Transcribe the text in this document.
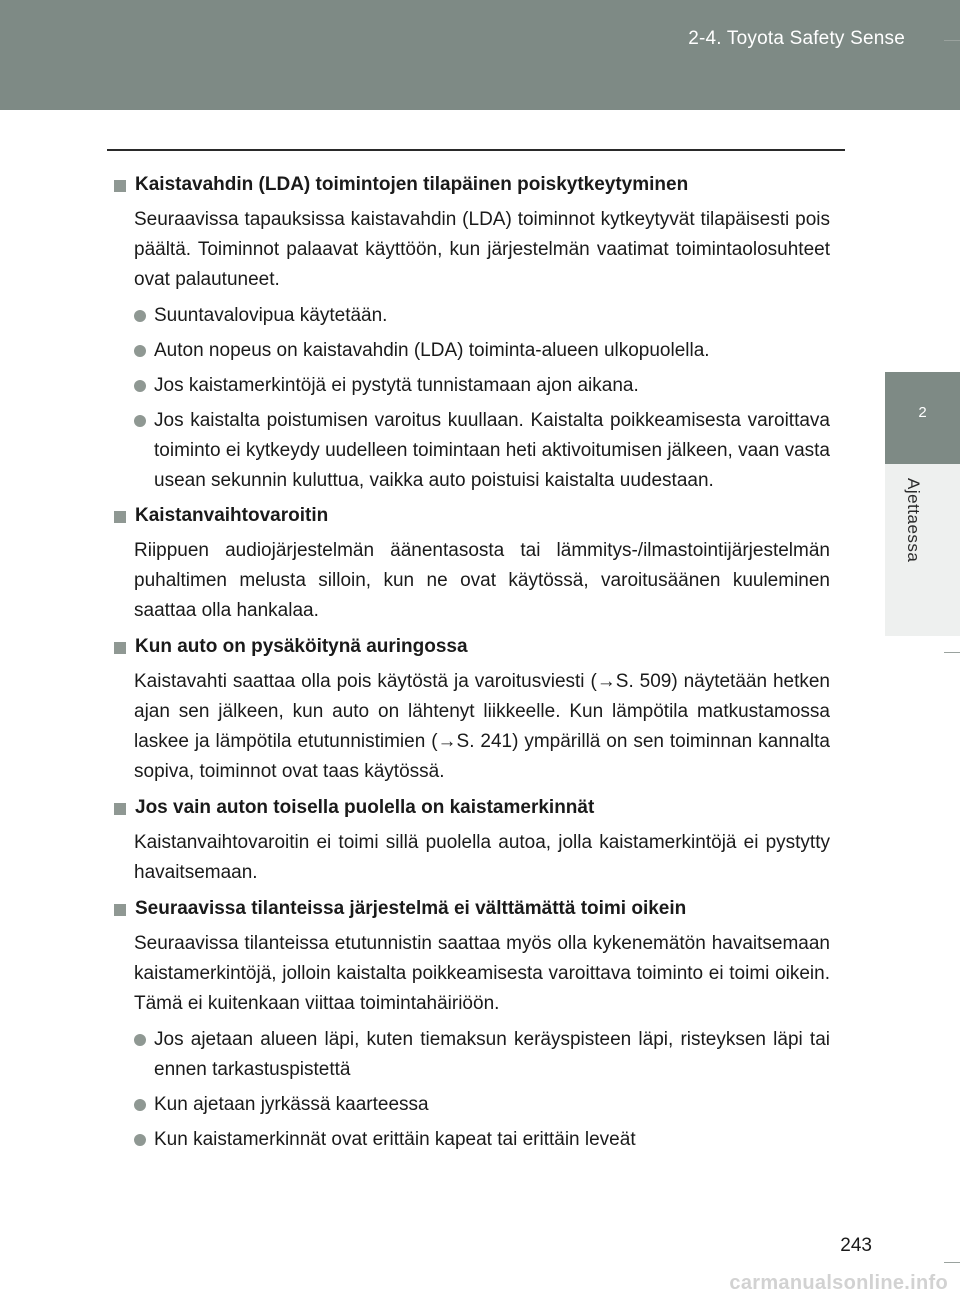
2-4. Toyota Safety Sense
2
Ajettaessa
Kaistavahdin (LDA) toimintojen tilapäinen poiskytkeytyminen
Seuraavissa tapauksissa kaistavahdin (LDA) toiminnot kytkeytyvät tilapäisesti pois päältä. Toiminnot palaavat käyttöön, kun järjestelmän vaatimat toimintaolosuhteet ovat palautuneet.
Suuntavalovipua käytetään.
Auton nopeus on kaistavahdin (LDA) toiminta-alueen ulkopuolella.
Jos kaistamerkintöjä ei pystytä tunnistamaan ajon aikana.
Jos kaistalta poistumisen varoitus kuullaan. Kaistalta poikkeamisesta varoittava toiminto ei kytkeydy uudelleen toimintaan heti aktivoitumisen jälkeen, vaan vasta usean sekunnin kuluttua, vaikka auto poistuisi kaistalta uudestaan.
Kaistanvaihtovaroitin
Riippuen audiojärjestelmän äänentasosta tai lämmitys-/ilmastointijärjestelmän puhaltimen melusta silloin, kun ne ovat käytössä, varoitusäänen kuuleminen saattaa olla hankalaa.
Kun auto on pysäköitynä auringossa
Kaistavahti saattaa olla pois käytöstä ja varoitusviesti (→S. 509) näytetään hetken ajan sen jälkeen, kun auto on lähtenyt liikkeelle. Kun lämpötila matkustamossa laskee ja lämpötila etutunnistimien (→S. 241) ympärillä on sen toiminnan kannalta sopiva, toiminnot ovat taas käytössä.
Jos vain auton toisella puolella on kaistamerkinnät
Kaistanvaihtovaroitin ei toimi sillä puolella autoa, jolla kaistamerkintöjä ei pystytty havaitsemaan.
Seuraavissa tilanteissa järjestelmä ei välttämättä toimi oikein
Seuraavissa tilanteissa etutunnistin saattaa myös olla kykenemätön havaitsemaan kaistamerkintöjä, jolloin kaistalta poikkeamisesta varoittava toiminto ei toimi oikein. Tämä ei kuitenkaan viittaa toimintahäiriöön.
Jos ajetaan alueen läpi, kuten tiemaksun keräyspisteen läpi, risteyksen läpi tai ennen tarkastuspistettä
Kun ajetaan jyrkässä kaarteessa
Kun kaistamerkinnät ovat erittäin kapeat tai erittäin leveät
243
carmanualsonline.info
